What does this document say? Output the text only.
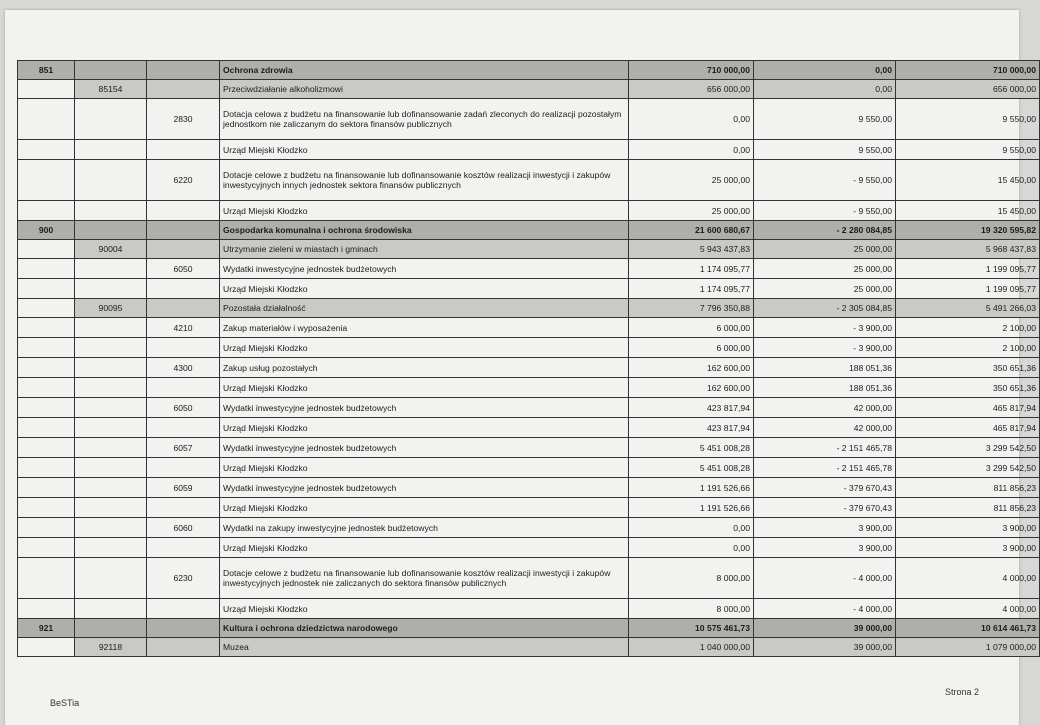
851			Ochrona zdrowia	710 000,00	0,00	710 000,00
	85154		Przeciwdziałanie alkoholizmowi	656 000,00	0,00	656 000,00
		2830	Dotacja celowa z budżetu na finansowanie lub dofinansowanie zadań zleconych do realizacji pozostałym jednostkom nie zaliczanym do sektora finansów publicznych	0,00	9 550,00	9 550,00
			Urząd Miejski Kłodzko	0,00	9 550,00	9 550,00
		6220	Dotacje celowe z budżetu na finansowanie lub dofinansowanie kosztów realizacji inwestycji i zakupów inwestycyjnych innych jednostek sektora finansów publicznych	25 000,00	- 9 550,00	15 450,00
			Urząd Miejski Kłodzko	25 000,00	- 9 550,00	15 450,00
900			Gospodarka komunalna i ochrona środowiska	21 600 680,67	- 2 280 084,85	19 320 595,82
	90004		Utrzymanie zieleni w miastach i gminach	5 943 437,83	25 000,00	5 968 437,83
		6050	Wydatki inwestycyjne jednostek budżetowych	1 174 095,77	25 000,00	1 199 095,77
			Urząd Miejski Kłodzko	1 174 095,77	25 000,00	1 199 095,77
	90095		Pozostała działalność	7 796 350,88	- 2 305 084,85	5 491 266,03
		4210	Zakup materiałów i wyposażenia	6 000,00	- 3 900,00	2 100,00
			Urząd Miejski Kłodzko	6 000,00	- 3 900,00	2 100,00
		4300	Zakup usług pozostałych	162 600,00	188 051,36	350 651,36
			Urząd Miejski Kłodzko	162 600,00	188 051,36	350 651,36
		6050	Wydatki inwestycyjne jednostek budżetowych	423 817,94	42 000,00	465 817,94
			Urząd Miejski Kłodzko	423 817,94	42 000,00	465 817,94
		6057	Wydatki inwestycyjne jednostek budżetowych	5 451 008,28	- 2 151 465,78	3 299 542,50
			Urząd Miejski Kłodzko	5 451 008,28	- 2 151 465,78	3 299 542,50
		6059	Wydatki inwestycyjne jednostek budżetowych	1 191 526,66	- 379 670,43	811 856,23
			Urząd Miejski Kłodzko	1 191 526,66	- 379 670,43	811 856,23
		6060	Wydatki na zakupy inwestycyjne jednostek budżetowych	0,00	3 900,00	3 900,00
			Urząd Miejski Kłodzko	0,00	3 900,00	3 900,00
		6230	Dotacje celowe z budżetu na finansowanie lub dofinansowanie kosztów realizacji inwestycji i zakupów inwestycyjnych jednostek nie zaliczanych do sektora finansów publicznych	8 000,00	- 4 000,00	4 000,00
			Urząd Miejski Kłodzko	8 000,00	- 4 000,00	4 000,00
921			Kultura i ochrona dziedzictwa narodowego	10 575 461,73	39 000,00	10 614 461,73
	92118		Muzea	1 040 000,00	39 000,00	1 079 000,00
BeSTia
Strona 2
